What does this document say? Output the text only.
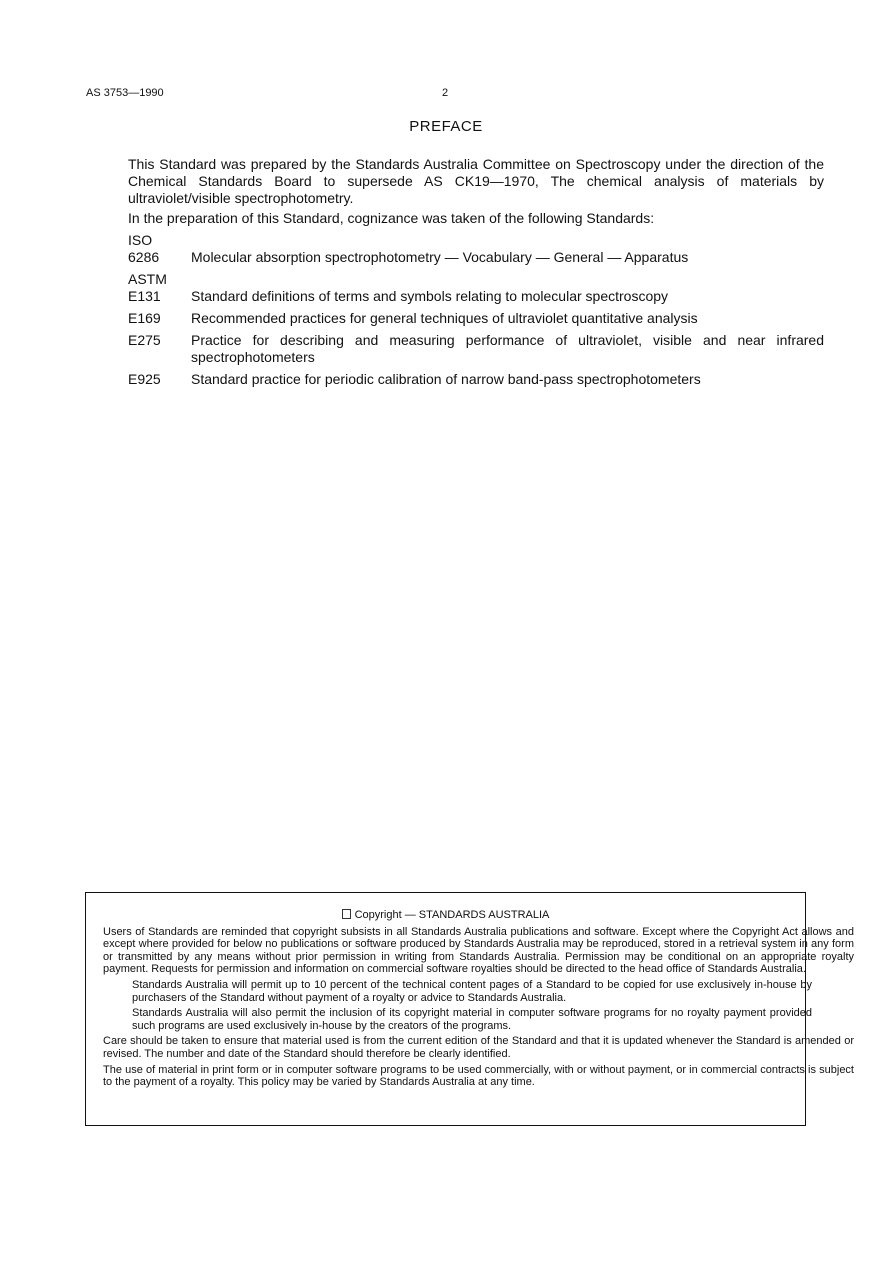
AS 3753—1990	2
PREFACE
This Standard was prepared by the Standards Australia Committee on Spectroscopy under the direction of the Chemical Standards Board to supersede AS CK19—1970, The chemical analysis of materials by ultraviolet/visible spectrophotometry.
In the preparation of this Standard, cognizance was taken of the following Standards:
ISO
6286	Molecular absorption spectrophotometry — Vocabulary — General — Apparatus
ASTM
E131	Standard definitions of terms and symbols relating to molecular spectroscopy
E169	Recommended practices for general techniques of ultraviolet quantitative analysis
E275	Practice for describing and measuring performance of ultraviolet, visible and near infrared spectrophotometers
E925	Standard practice for periodic calibration of narrow band-pass spectrophotometers
Copyright — STANDARDS AUSTRALIA

Users of Standards are reminded that copyright subsists in all Standards Australia publications and software. Except where the Copyright Act allows and except where provided for below no publications or software produced by Standards Australia may be reproduced, stored in a retrieval system in any form or transmitted by any means without prior permission in writing from Standards Australia. Permission may be conditional on an appropriate royalty payment. Requests for permission and information on commercial software royalties should be directed to the head office of Standards Australia.

Standards Australia will permit up to 10 percent of the technical content pages of a Standard to be copied for use exclusively in-house by purchasers of the Standard without payment of a royalty or advice to Standards Australia.

Standards Australia will also permit the inclusion of its copyright material in computer software programs for no royalty payment provided such programs are used exclusively in-house by the creators of the programs.

Care should be taken to ensure that material used is from the current edition of the Standard and that it is updated whenever the Standard is amended or revised. The number and date of the Standard should therefore be clearly identified.

The use of material in print form or in computer software programs to be used commercially, with or without payment, or in commercial contracts is subject to the payment of a royalty. This policy may be varied by Standards Australia at any time.
